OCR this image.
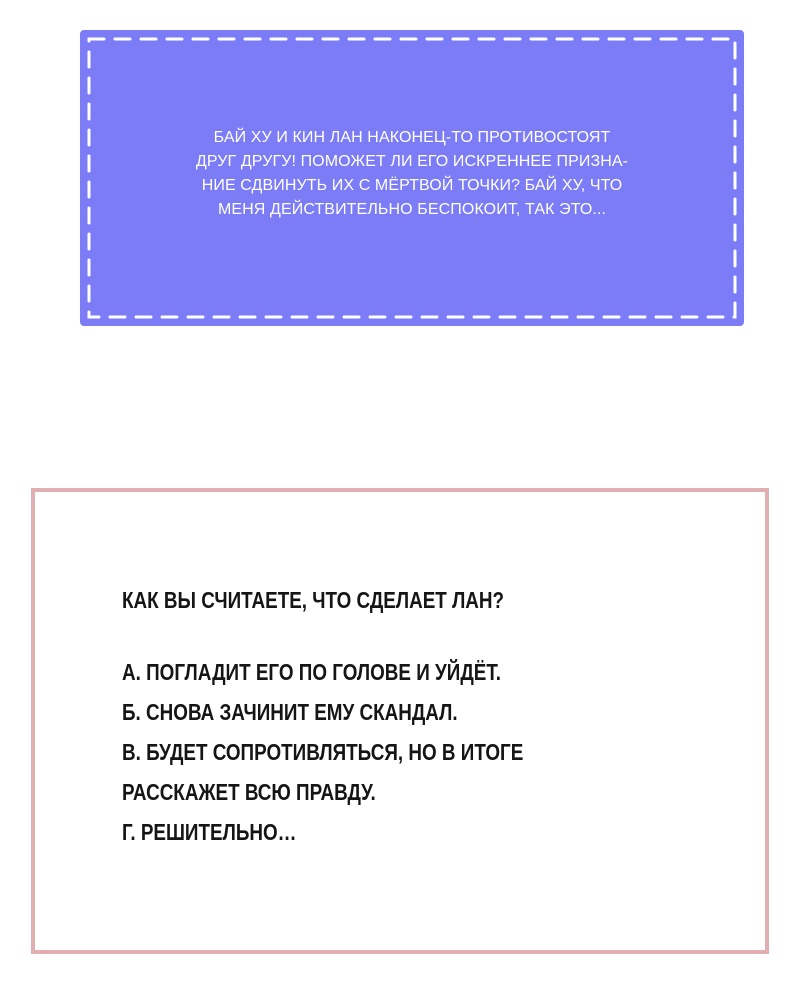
БАЙ ХУ И КИН ЛАН НАКОНЕЦ-ТО ПРОТИВОСТОЯТ
ДРУГ ДРУГУ! ПОМОЖЕТ ЛИ ЕГО ИСКРЕННЕЕ ПРИЗНА-
НИЕ СДВИНУТЬ ИХ С МЁРТВОЙ ТОЧКИ? БАЙ ХУ, ЧТО
МЕНЯ ДЕЙСТВИТЕЛЬНО БЕСПОКОИТ, ТАК ЭТО...

КАК ВЫ СЧИТАЕТЕ, ЧТО СДЕЛАЕТ ЛАН?
А. ПОГЛАДИТ ЕГО ПО ГОЛОВЕ И УЙДЁТ.
Б. СНОВА ЗАЧИНИТ ЕМУ СКАНДАЛ.
В. БУДЕТ СОПРОТИВЛЯТЬСЯ, НО В ИТОГЕ
РАССКАЖЕТ ВСЮ ПРАВДУ.
Г. РЕШИТЕЛЬНО…
